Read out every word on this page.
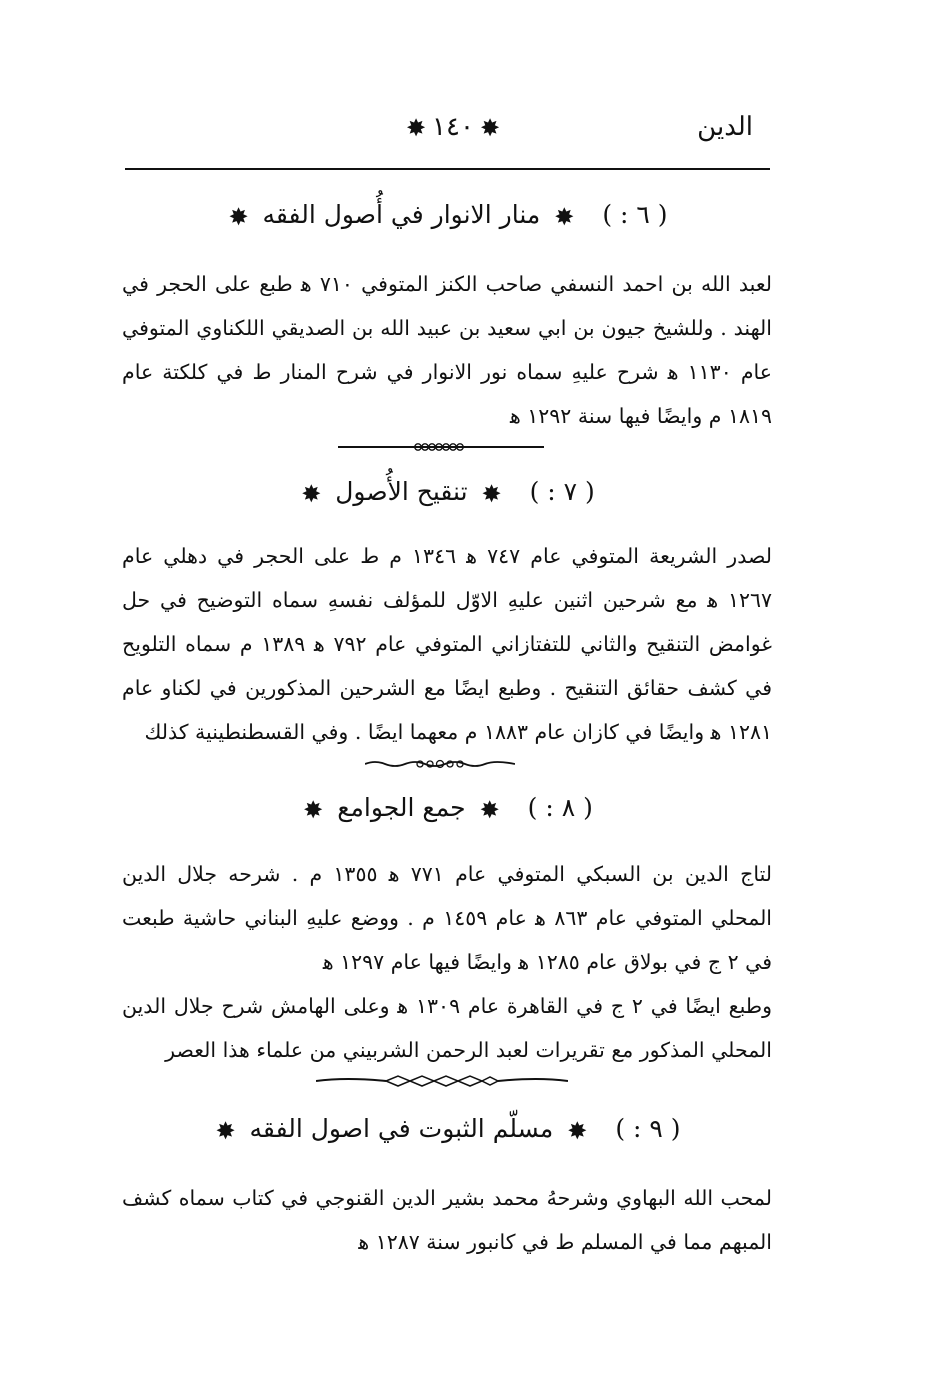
الدين
✸١٤٠✸
( ٦ : ) ✸ منار الانوار في أُصول الفقه ✸

لعبد الله بن احمد النسفي صاحب الكنز المتوفي ٧١٠ ﻫ طبع على الحجر في الهند . وللشيخ جيون بن ابي سعيد بن عبيد الله بن الصديقي اللكناوي المتوفي عام ١١٣٠ ﻫ شرح عليهِ سماه نور الانوار في شرح المنار ط في كلكتة عام ١٨١٩ م وايضًا فيها سنة ١٢٩٢ ﻫ

( ٧ : ) ✸ تنقيح الأُصول ✸

لصدر الشريعة المتوفي عام ٧٤٧ ﻫ ١٣٤٦ م ط على الحجر في دهلي عام ١٢٦٧ ﻫ مع شرحين اثنين عليهِ الاوّل للمؤلف نفسهِ سماه التوضيح في حل غوامض التنقيح والثاني للتفتازاني المتوفي عام ٧٩٢ ﻫ ١٣٨٩ م سماه التلويح في كشف حقائق التنقيح . وطبع ايضًا مع الشرحين المذكورين في لكناو عام ١٢٨١ ﻫ وايضًا في كازان عام ١٨٨٣ م معهما ايضًا . وفي القسطنطينية كذلك

( ٨ : ) ✸ جمع الجوامع ✸

لتاج الدين بن السبكي المتوفي عام ٧٧١ ﻫ ١٣٥٥ م . شرحه جلال الدين المحلي المتوفي عام ٨٦٣ ﻫ عام ١٤٥٩ م . ووضع عليهِ البناني حاشية طبعت في ٢ ج في بولاق عام ١٢٨٥ ﻫ وايضًا فيها عام ١٢٩٧ ﻫ

وطبع ايضًا في ٢ ج في القاهرة عام ١٣٠٩ ﻫ وعلى الهامش شرح جلال الدين المحلي المذكور مع تقريرات لعبد الرحمن الشربيني من علماء هذا العصر

( ٩ : ) ✸ مسلّم الثبوت في اصول الفقه ✸

لمحب الله البهاوي وشرحهُ محمد بشير الدين القنوجي في كتاب سماه كشف المبهم مما في المسلم ط في كانبور سنة ١٢٨٧ ﻫ
